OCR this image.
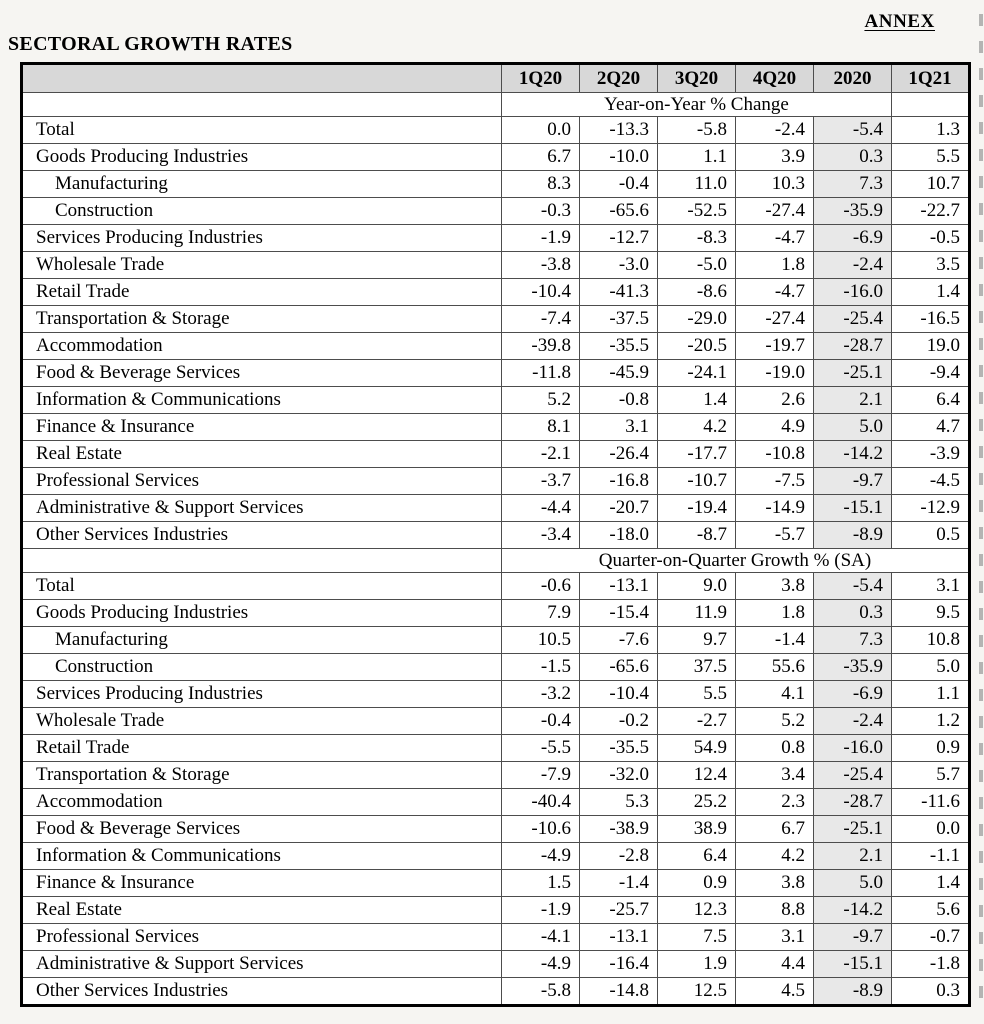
ANNEX
SECTORAL GROWTH RATES
	1Q20	2Q20	3Q20	4Q20	2020	1Q21
	Year-on-Year % Change					
Total	0.0	-13.3	-5.8	-2.4	-5.4	1.3
Goods Producing Industries	6.7	-10.0	1.1	3.9	0.3	5.5
Manufacturing	8.3	-0.4	11.0	10.3	7.3	10.7
Construction	-0.3	-65.6	-52.5	-27.4	-35.9	-22.7
Services Producing Industries	-1.9	-12.7	-8.3	-4.7	-6.9	-0.5
Wholesale Trade	-3.8	-3.0	-5.0	1.8	-2.4	3.5
Retail Trade	-10.4	-41.3	-8.6	-4.7	-16.0	1.4
Transportation & Storage	-7.4	-37.5	-29.0	-27.4	-25.4	-16.5
Accommodation	-39.8	-35.5	-20.5	-19.7	-28.7	19.0
Food & Beverage Services	-11.8	-45.9	-24.1	-19.0	-25.1	-9.4
Information & Communications	5.2	-0.8	1.4	2.6	2.1	6.4
Finance & Insurance	8.1	3.1	4.2	4.9	5.0	4.7
Real Estate	-2.1	-26.4	-17.7	-10.8	-14.2	-3.9
Professional Services	-3.7	-16.8	-10.7	-7.5	-9.7	-4.5
Administrative & Support Services	-4.4	-20.7	-19.4	-14.9	-15.1	-12.9
Other Services Industries	-3.4	-18.0	-8.7	-5.7	-8.9	0.5
	Quarter-on-Quarter Growth % (SA)					
Total	-0.6	-13.1	9.0	3.8	-5.4	3.1
Goods Producing Industries	7.9	-15.4	11.9	1.8	0.3	9.5
Manufacturing	10.5	-7.6	9.7	-1.4	7.3	10.8
Construction	-1.5	-65.6	37.5	55.6	-35.9	5.0
Services Producing Industries	-3.2	-10.4	5.5	4.1	-6.9	1.1
Wholesale Trade	-0.4	-0.2	-2.7	5.2	-2.4	1.2
Retail Trade	-5.5	-35.5	54.9	0.8	-16.0	0.9
Transportation & Storage	-7.9	-32.0	12.4	3.4	-25.4	5.7
Accommodation	-40.4	5.3	25.2	2.3	-28.7	-11.6
Food & Beverage Services	-10.6	-38.9	38.9	6.7	-25.1	0.0
Information & Communications	-4.9	-2.8	6.4	4.2	2.1	-1.1
Finance & Insurance	1.5	-1.4	0.9	3.8	5.0	1.4
Real Estate	-1.9	-25.7	12.3	8.8	-14.2	5.6
Professional Services	-4.1	-13.1	7.5	3.1	-9.7	-0.7
Administrative & Support Services	-4.9	-16.4	1.9	4.4	-15.1	-1.8
Other Services Industries	-5.8	-14.8	12.5	4.5	-8.9	0.3
